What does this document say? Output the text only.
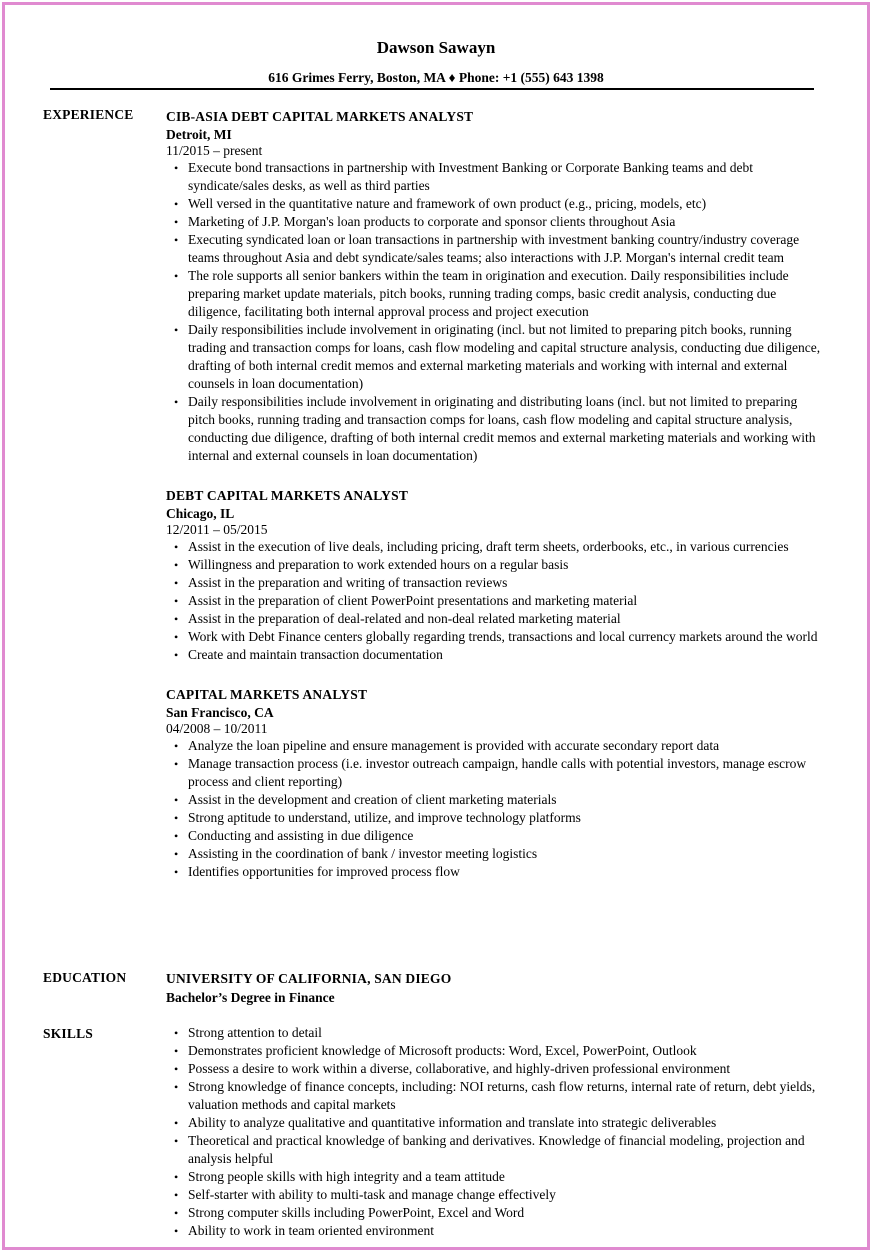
Dawson Sawayn
616 Grimes Ferry, Boston, MA ♦ Phone: +1 (555) 643 1398
EXPERIENCE CIB-ASIA DEBT CAPITAL MARKETS ANALYST
Detroit, MI
11/2015 – present
• Execute bond transactions in partnership with Investment Banking or Corporate Banking teams and debt syndicate/sales desks, as well as third parties
• Well versed in the quantitative nature and framework of own product (e.g., pricing, models, etc)
• Marketing of J.P. Morgan's loan products to corporate and sponsor clients throughout Asia
• Executing syndicated loan or loan transactions in partnership with investment banking country/industry coverage teams throughout Asia and debt syndicate/sales teams; also interactions with J.P. Morgan's internal credit team
• The role supports all senior bankers within the team in origination and execution. Daily responsibilities include preparing market update materials, pitch books, running trading comps, basic credit analysis, conducting due diligence, facilitating both internal approval process and project execution
• Daily responsibilities include involvement in originating (incl. but not limited to preparing pitch books, running trading and transaction comps for loans, cash flow modeling and capital structure analysis, conducting due diligence, drafting of both internal credit memos and external marketing materials and working with internal and external counsels in loan documentation)
• Daily responsibilities include involvement in originating and distributing loans (incl. but not limited to preparing pitch books, running trading and transaction comps for loans, cash flow modeling and capital structure analysis, conducting due diligence, drafting of both internal credit memos and external marketing materials and working with internal and external counsels in loan documentation)
DEBT CAPITAL MARKETS ANALYST
Chicago, IL
12/2011 – 05/2015
• Assist in the execution of live deals, including pricing, draft term sheets, orderbooks, etc., in various currencies
• Willingness and preparation to work extended hours on a regular basis
• Assist in the preparation and writing of transaction reviews
• Assist in the preparation of client PowerPoint presentations and marketing material
• Assist in the preparation of deal-related and non-deal related marketing material
• Work with Debt Finance centers globally regarding trends, transactions and local currency markets around the world
• Create and maintain transaction documentation
CAPITAL MARKETS ANALYST
San Francisco, CA
04/2008 – 10/2011
• Analyze the loan pipeline and ensure management is provided with accurate secondary report data
• Manage transaction process (i.e. investor outreach campaign, handle calls with potential investors, manage escrow process and client reporting)
• Assist in the development and creation of client marketing materials
• Strong aptitude to understand, utilize, and improve technology platforms
• Conducting and assisting in due diligence
• Assisting in the coordination of bank / investor meeting logistics
• Identifies opportunities for improved process flow
EDUCATION	UNIVERSITY OF CALIFORNIA, SAN DIEGO
Bachelor’s Degree in Finance
SKILLS
•	Strong attention to detail
• Demonstrates proficient knowledge of Microsoft products: Word, Excel, PowerPoint, Outlook
• Possess a desire to work within a diverse, collaborative, and highly-driven professional environment
• Strong knowledge of finance concepts, including: NOI returns, cash flow returns, internal rate of return, debt yields, valuation methods and capital markets
• Ability to analyze qualitative and quantitative information and translate into strategic deliverables
• Theoretical and practical knowledge of banking and derivatives. Knowledge of financial modeling, projection and analysis helpful
• Strong people skills with high integrity and a team attitude
• Self-starter with ability to multi-task and manage change effectively
• Strong computer skills including PowerPoint, Excel and Word
• Ability to work in team oriented environment
